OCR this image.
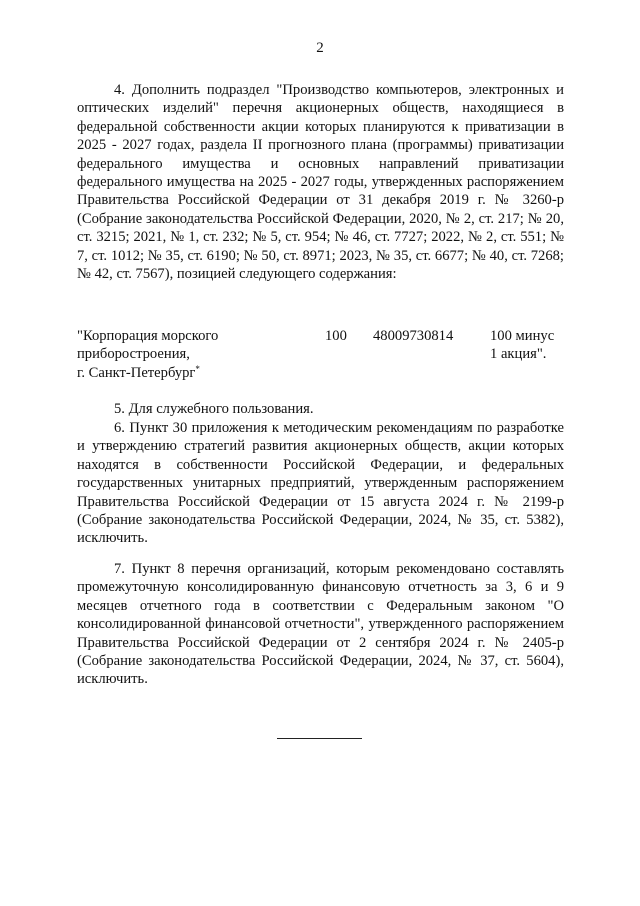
2

4. Дополнить подраздел "Производство компьютеров, электронных и оптических изделий" перечня акционерных обществ, находящиеся в федеральной собственности акции которых планируются к приватизации в 2025 - 2027 годах, раздела II прогнозного плана (программы) приватизации федерального имущества и основных направлений приватизации федерального имущества на 2025 - 2027 годы, утвержденных распоряжением Правительства Российской Федерации от 31 декабря 2019 г. № 3260-р (Собрание законодательства Российской Федерации, 2020, № 2, ст. 217; № 20, ст. 3215; 2021, № 1, ст. 232; № 5, ст. 954; № 46, ст. 7727; 2022, № 2, ст. 551; № 7, ст. 1012; № 35, ст. 6190; № 50, ст. 8971; 2023, № 35, ст. 6677; № 40, ст. 7268; № 42, ст. 7567), позицией следующего содержания:

"Корпорация морского
приборостроения,
г. Санкт-Петербург*
100 48009730814	100 минус
1 акция".

5. Для служебного пользования.

6. Пункт 30 приложения к методическим рекомендациям по разработке и утверждению стратегий развития акционерных обществ, акции которых находятся в собственности Российской Федерации, и федеральных государственных унитарных предприятий, утвержденным распоряжением Правительства Российской Федерации от 15 августа 2024 г. № 2199-р (Собрание законодательства Российской Федерации, 2024, № 35, ст. 5382), исключить.

7. Пункт 8 перечня организаций, которым рекомендовано составлять промежуточную консолидированную финансовую отчетность за 3, 6 и 9 месяцев отчетного года в соответствии с Федеральным законом "О консолидированной финансовой отчетности", утвержденного распоряжением Правительства Российской Федерации от 2 сентября 2024 г. № 2405-р (Собрание законодательства Российской Федерации, 2024, № 37, ст. 5604), исключить.
